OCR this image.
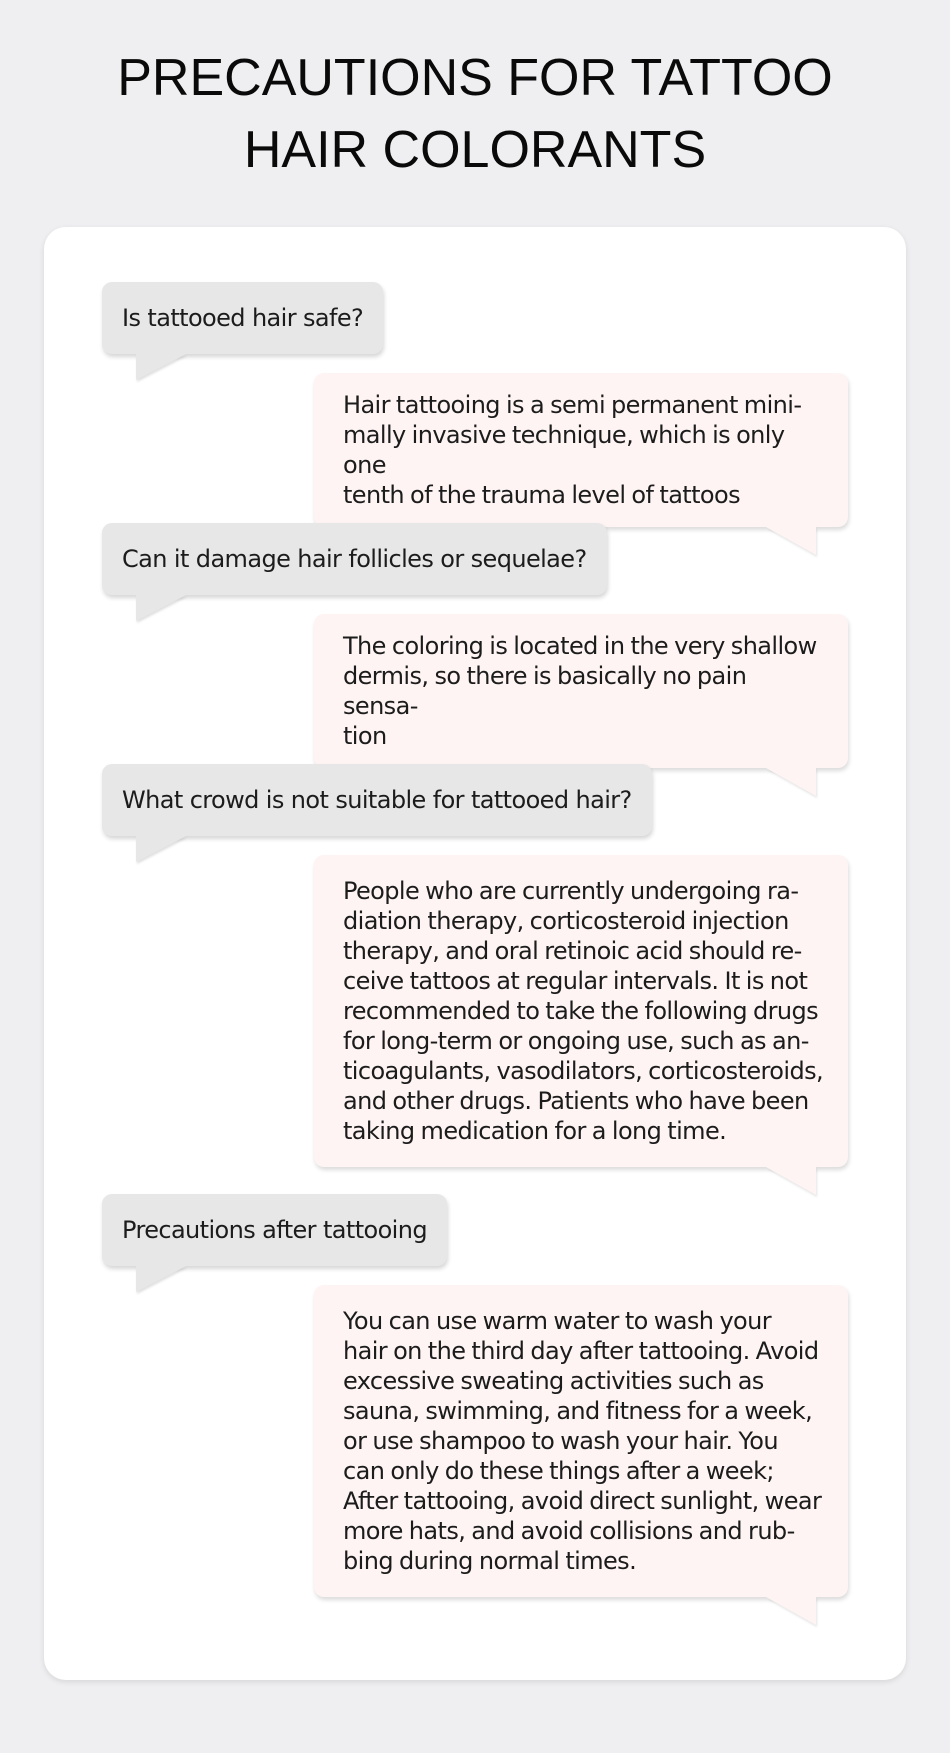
PRECAUTIONS FOR TATTOO
HAIR COLORANTS
Is tattooed hair safe?
Hair tattooing is a semi permanent mini-
mally invasive technique, which is only one
tenth of the trauma level of tattoos
Can it damage hair follicles or sequelae?
The coloring is located in the very shallow
dermis, so there is basically no pain sensa-
tion
What crowd is not suitable for tattooed hair?
People who are currently undergoing ra-
diation therapy, corticosteroid injection
therapy, and oral retinoic acid should re-
ceive tattoos at regular intervals. It is not
recommended to take the following drugs
for long-term or ongoing use, such as an-
ticoagulants, vasodilators, corticosteroids,
and other drugs. Patients who have been
taking medication for a long time.
Precautions after tattooing
You can use warm water to wash your
hair on the third day after tattooing. Avoid
excessive sweating activities such as
sauna, swimming, and fitness for a week,
or use shampoo to wash your hair. You
can only do these things after a week;
After tattooing, avoid direct sunlight, wear
more hats, and avoid collisions and rub-
bing during normal times.
